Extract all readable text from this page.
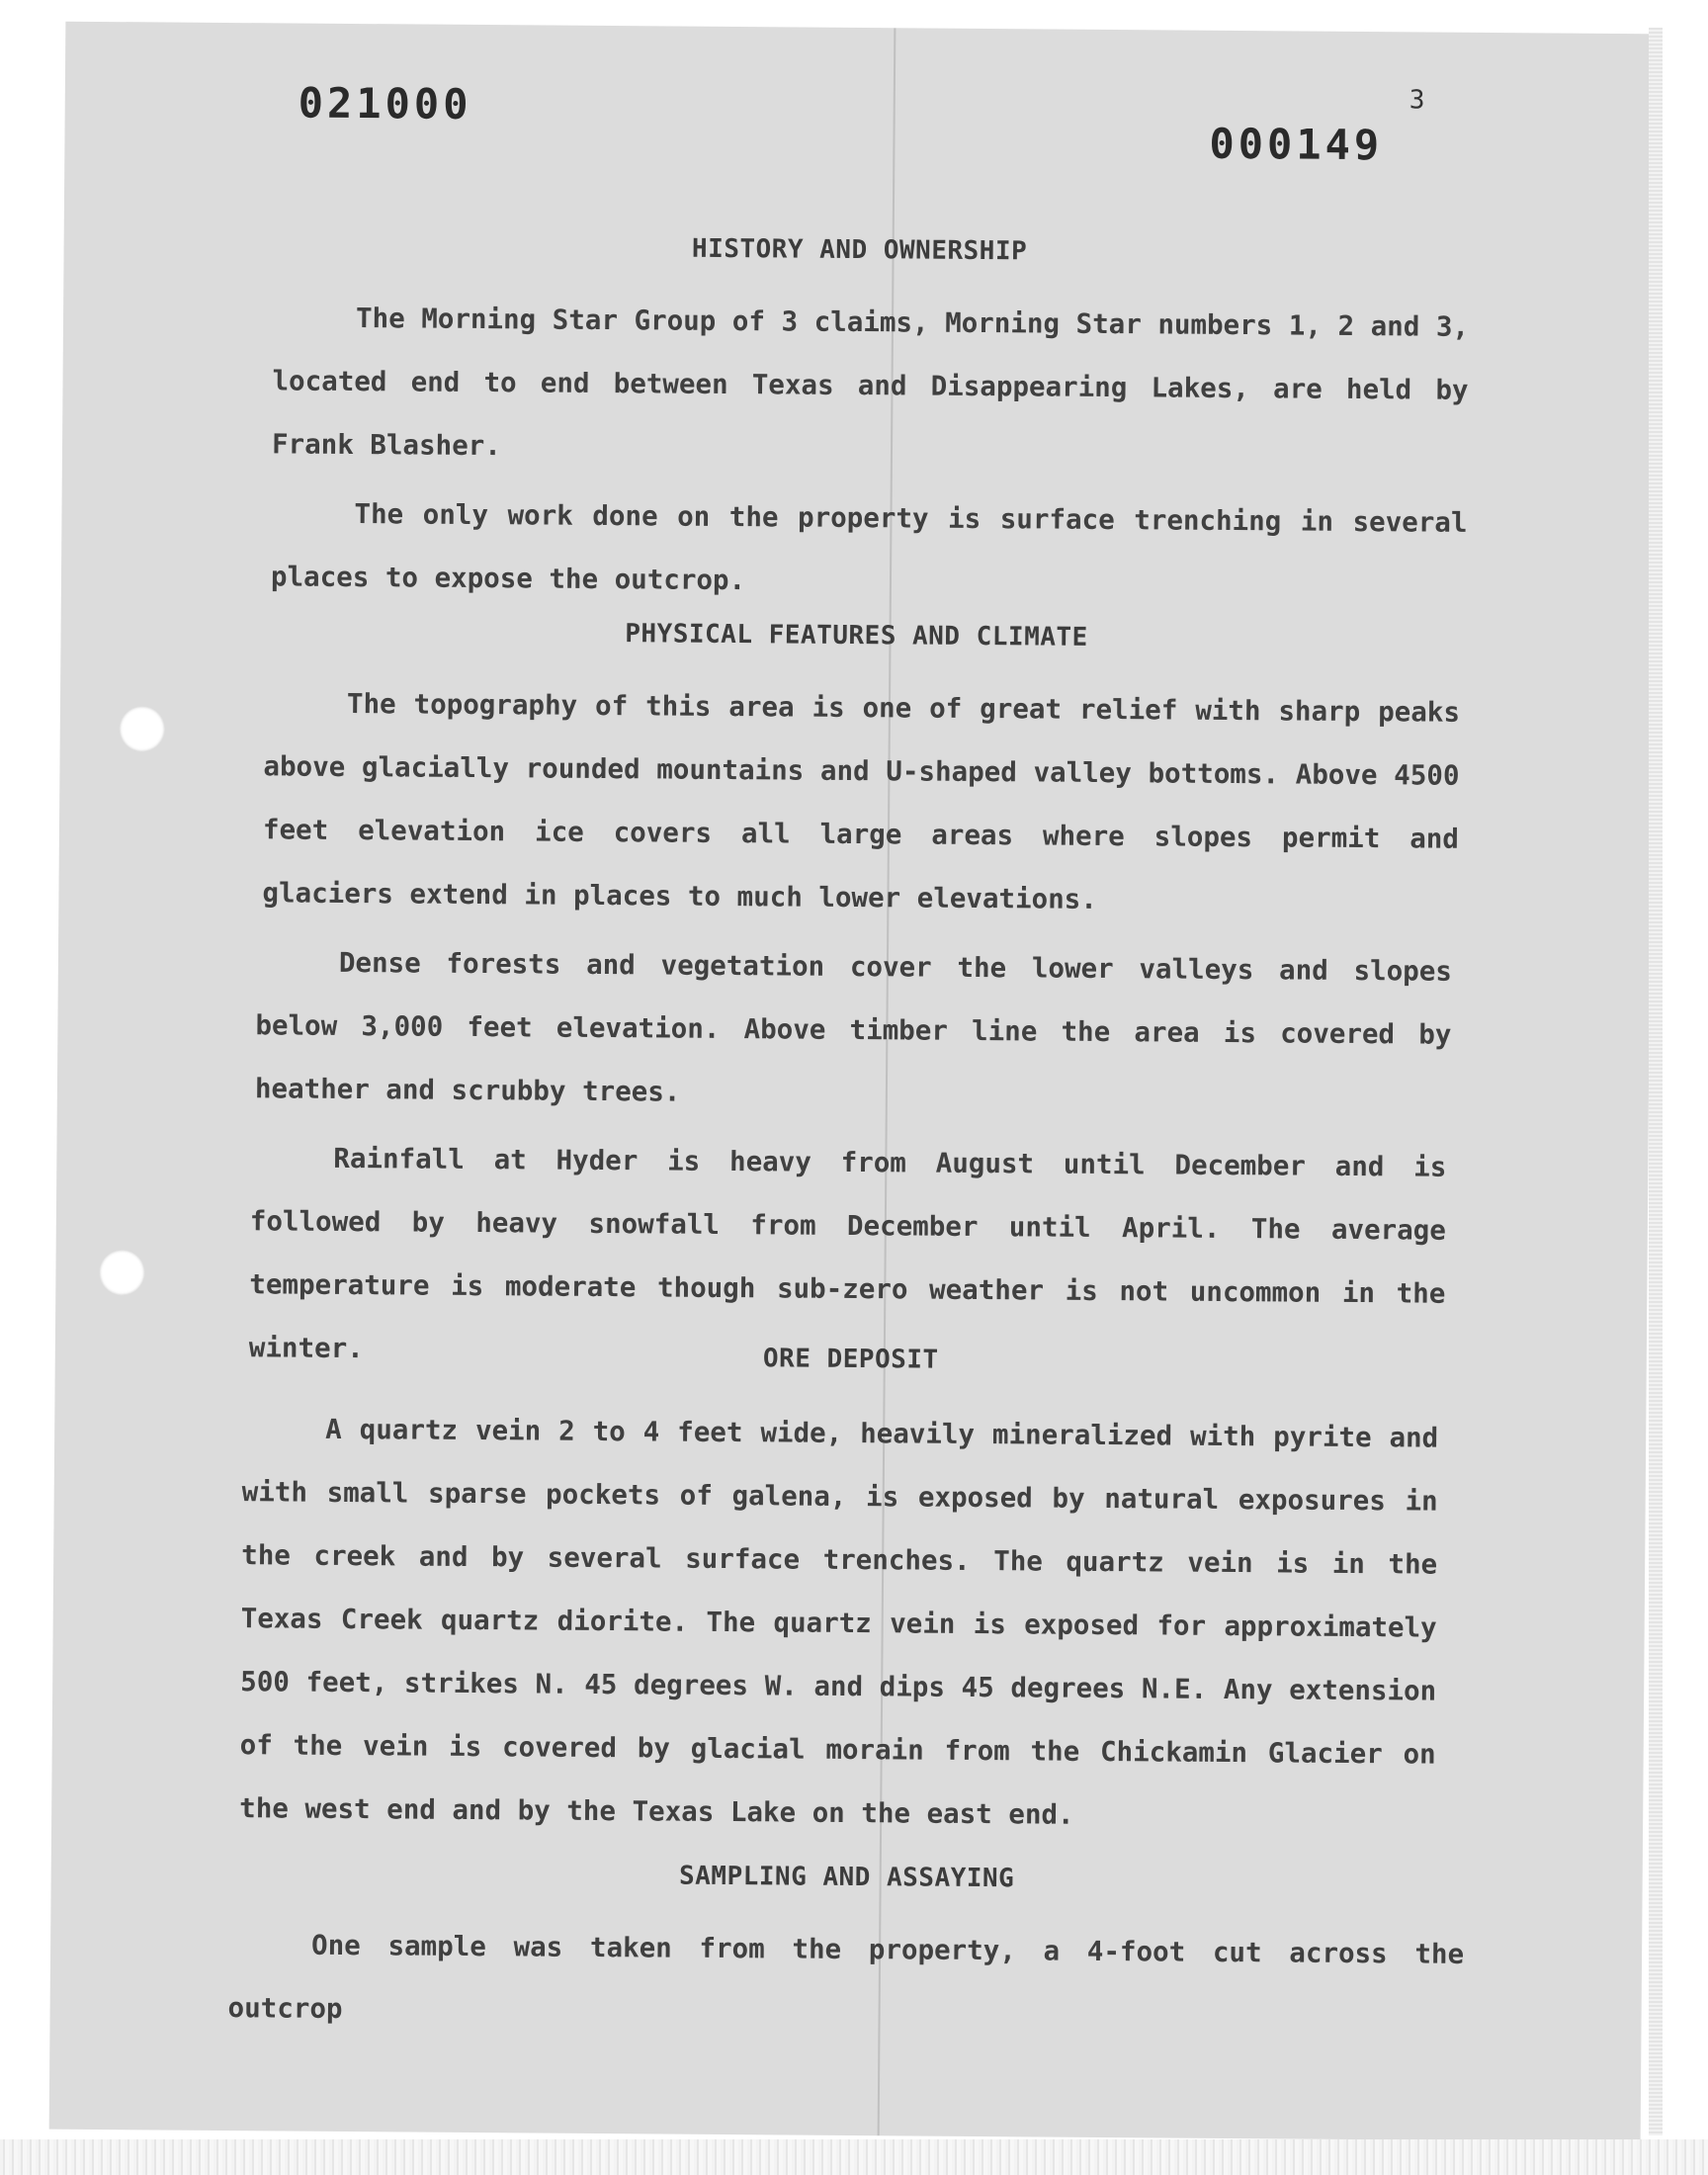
021000
000149
3
HISTORY AND OWNERSHIP
The Morning Star Group of 3 claims, Morning Star numbers 1, 2 and 3, located end to end between Texas and Disappearing Lakes, are held by Frank Blasher.
The only work done on the property is surface trenching in several places to expose the outcrop.
PHYSICAL FEATURES AND CLIMATE
The topography of this area is one of great relief with sharp peaks above glacially rounded mountains and U-shaped valley bottoms. Above 4500 feet elevation ice covers all large areas where slopes permit and glaciers extend in places to much lower elevations.
Dense forests and vegetation cover the lower valleys and slopes below 3,000 feet elevation. Above timber line the area is covered by heather and scrubby trees.
Rainfall at Hyder is heavy from August until December and is followed by heavy snowfall from December until April. The average temperature is moderate though sub-zero weather is not uncommon in the winter.	ORE DEPOSIT
A quartz vein 2 to 4 feet wide, heavily mineralized with pyrite and with small sparse pockets of galena, is exposed by natural exposures in the creek and by several surface trenches. The quartz vein is in the Texas Creek quartz diorite. The quartz vein is exposed for approximately 500 feet, strikes N. 45 degrees W. and dips 45 degrees N.E. Any extension of the vein is covered by glacial morain from the Chickamin Glacier on the west end and by the Texas Lake on the east end.
SAMPLING AND ASSAYING
One sample was taken from the property, a 4-foot cut across the outcrop
